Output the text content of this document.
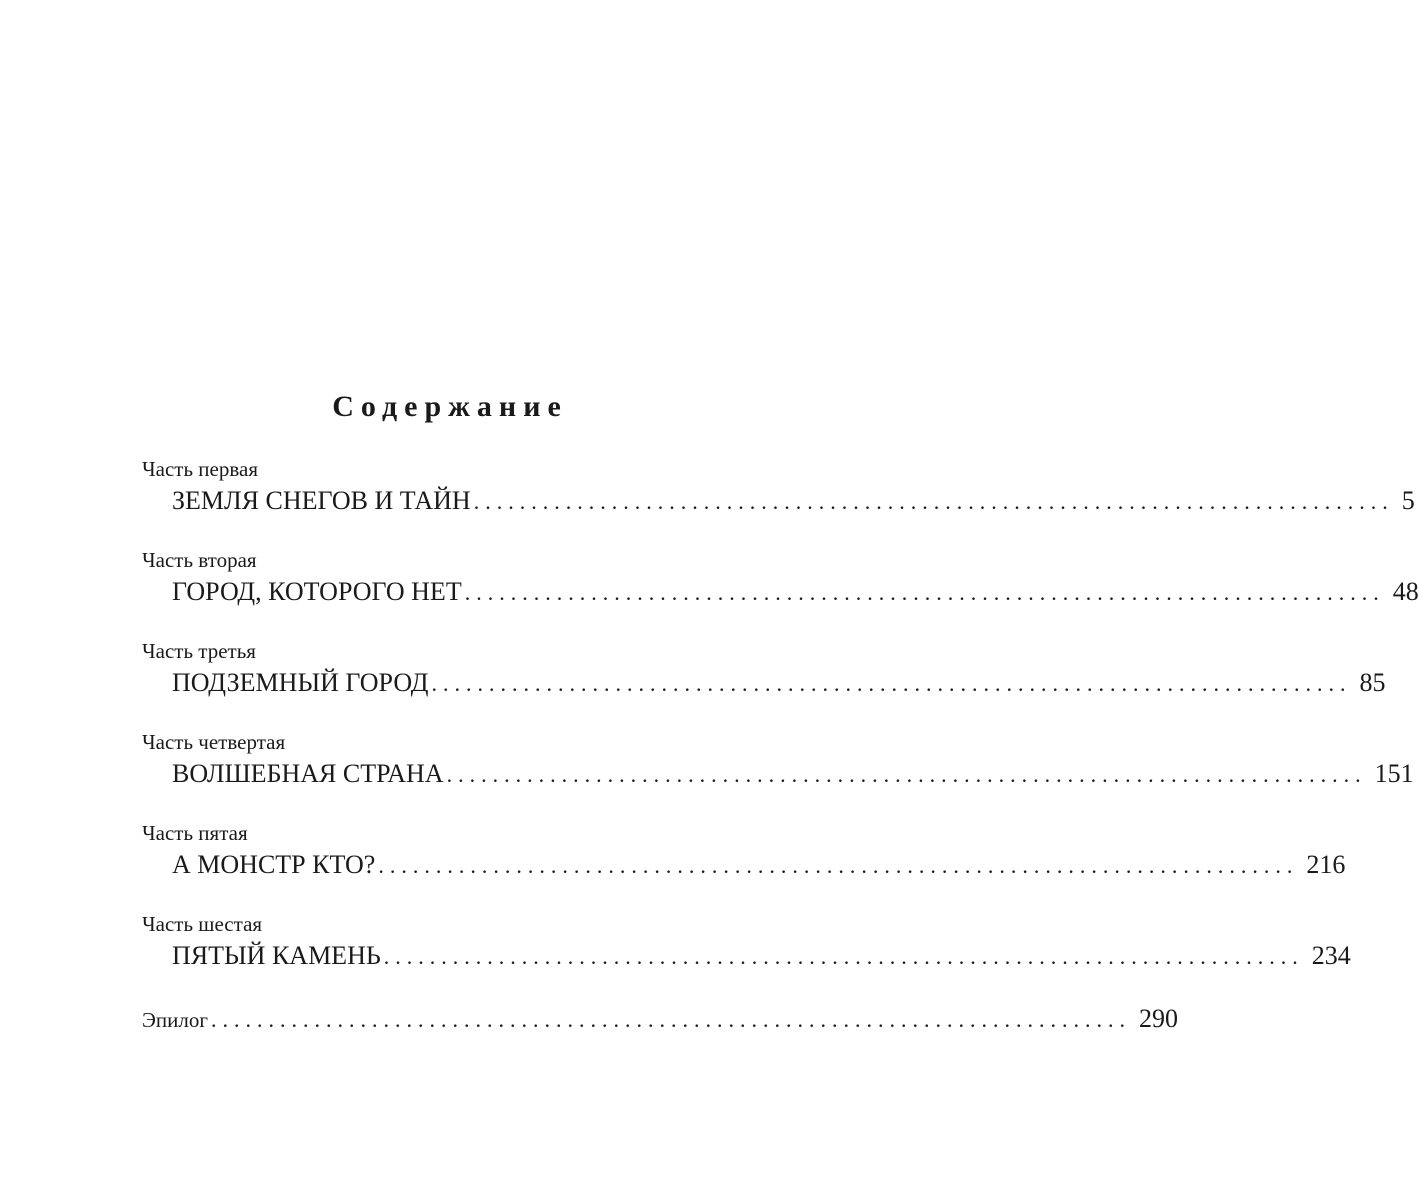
Содержание
Часть первая
ЗЕМЛЯ СНЕГОВ И ТАЙН ................................................................................ 5
Часть вторая
ГОРОД, КОТОРОГО НЕТ ................................................................................ 48
Часть третья
ПОДЗЕМНЫЙ ГОРОД ................................................................................ 85
Часть четвертая
ВОЛШЕБНАЯ СТРАНА ................................................................................ 151
Часть пятая
А МОНСТР КТО? ................................................................................ 216
Часть шестая
ПЯТЫЙ КАМЕНЬ ................................................................................ 234
Эпилог ................................................................................ 290
